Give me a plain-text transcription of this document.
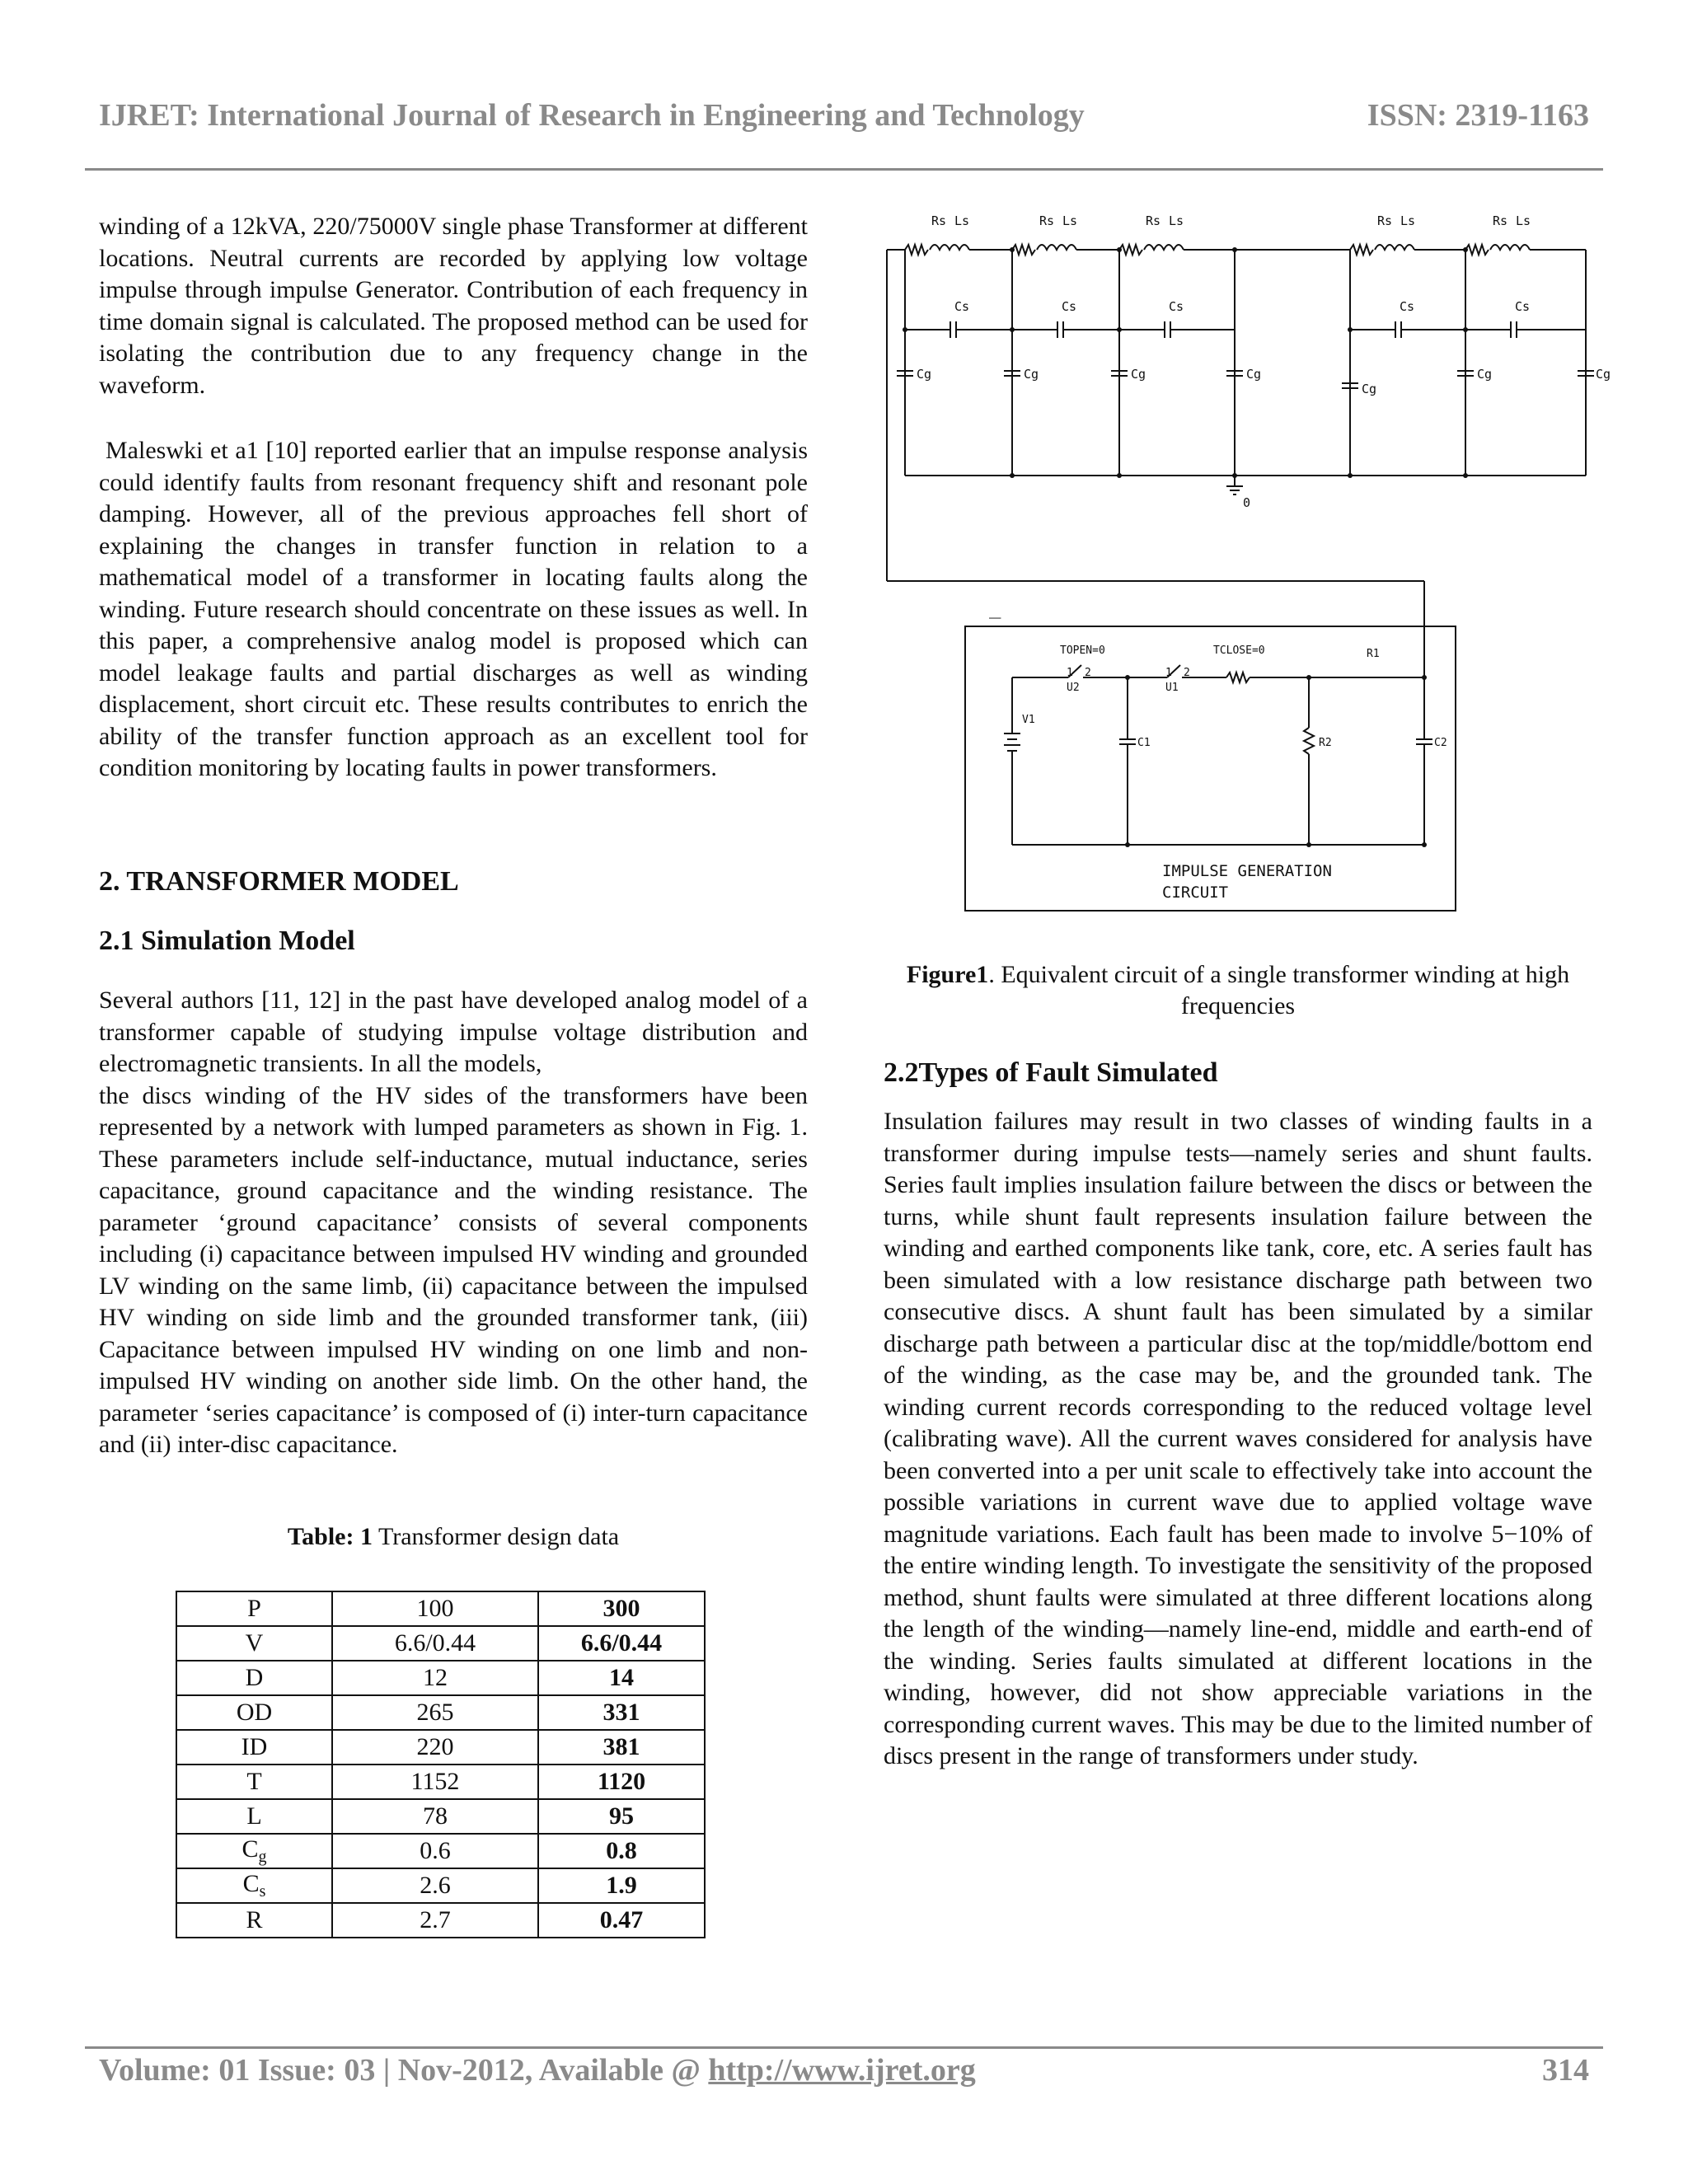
IJRET: International Journal of Research in Engineering and Technology	ISSN: 2319-1163

winding of a 12kVA, 220/75000V single phase Transformer at different locations. Neutral currents are recorded by applying low voltage impulse through impulse Generator. Contribution of each frequency in time domain signal is calculated. The proposed method can be used for isolating the contribution due to any frequency change in the waveform.

Maleswki et a1 [10] reported earlier that an impulse response analysis could identify faults from resonant frequency shift and resonant pole damping. However, all of the previous approaches fell short of explaining the changes in transfer function in relation to a mathematical model of a transformer in locating faults along the winding. Future research should concentrate on these issues as well. In this paper, a comprehensive analog model is proposed which can model leakage faults and partial discharges as well as winding displacement, short circuit etc. These results contributes to enrich the ability of the transfer function approach as an excellent tool for condition monitoring by locating faults in power transformers.

2. TRANSFORMER MODEL
2.1 Simulation Model

Several authors [11, 12] in the past have developed analog model of a transformer capable of studying impulse voltage distribution and electromagnetic transients. In all the models,

the discs winding of the HV sides of the transformers have been represented by a network with lumped parameters as shown in Fig. 1. These parameters include self-inductance, mutual inductance, series capacitance, ground capacitance and the winding resistance. The parameter ‘ground capacitance’ consists of several components including (i) capacitance between impulsed HV winding and grounded LV winding on the same limb, (ii) capacitance between the impulsed HV winding on side limb and the grounded transformer tank, (iii) Capacitance between impulsed HV winding on one limb and non-impulsed HV winding on another side limb. On the other hand, the parameter ‘series capacitance’ is composed of (i) inter-turn capacitance and (ii) inter-disc capacitance.

Table: 1 Transformer design data
P	100	300
V	6.6/0.44	6.6/0.44
D	12	14
OD	265	331
ID	220	381
T	1152	1120
L	78	95
$C_g$	0.6	0.8
$C_s$	2.6	1.9
R	2.7	0.47
Rs Ls	Rs Ls	Rs Ls	Rs Ls	Rs Ls
Cs	Cs	Cs	Cs	Cs
Cg	Cg	Cg	Cg
Cg
Cg	Cg
0
_
TOPEN=0
1 2
U2
TCLOSE=0
1 2
U1
R1
V1
C1	R2	C2
IMPULSE GENERATION
CIRCUIT
Figure1. Equivalent circuit of a single transformer winding at high frequencies
2.2Types of Fault Simulated
Insulation failures may result in two classes of winding faults in a transformer during impulse tests—namely series and shunt faults. Series fault implies insulation failure between the discs or between the turns, while shunt fault represents insulation failure between the winding and earthed components like tank, core, etc. A series fault has been simulated with a low resistance discharge path between two consecutive discs. A shunt fault has been simulated by a similar discharge path between a particular disc at the top/middle/bottom end of the winding, as the case may be, and the grounded tank. The winding current records corresponding to the reduced voltage level (calibrating wave). All the current waves considered for analysis have been converted into a per unit scale to effectively take into account the possible variations in current wave due to applied voltage wave magnitude variations. Each fault has been made to involve 5−10% of the entire winding length. To investigate the sensitivity of the proposed method, shunt faults were simulated at three different locations along the length of the winding—namely line-end, middle and earth-end of the winding. Series faults simulated at different locations in the winding, however, did not show appreciable variations in the corresponding current waves. This may be due to the limited number of discs present in the range of transformers under study.
Volume: 01 Issue: 03 | Nov-2012, Available @ http://www.ijret.org	314
